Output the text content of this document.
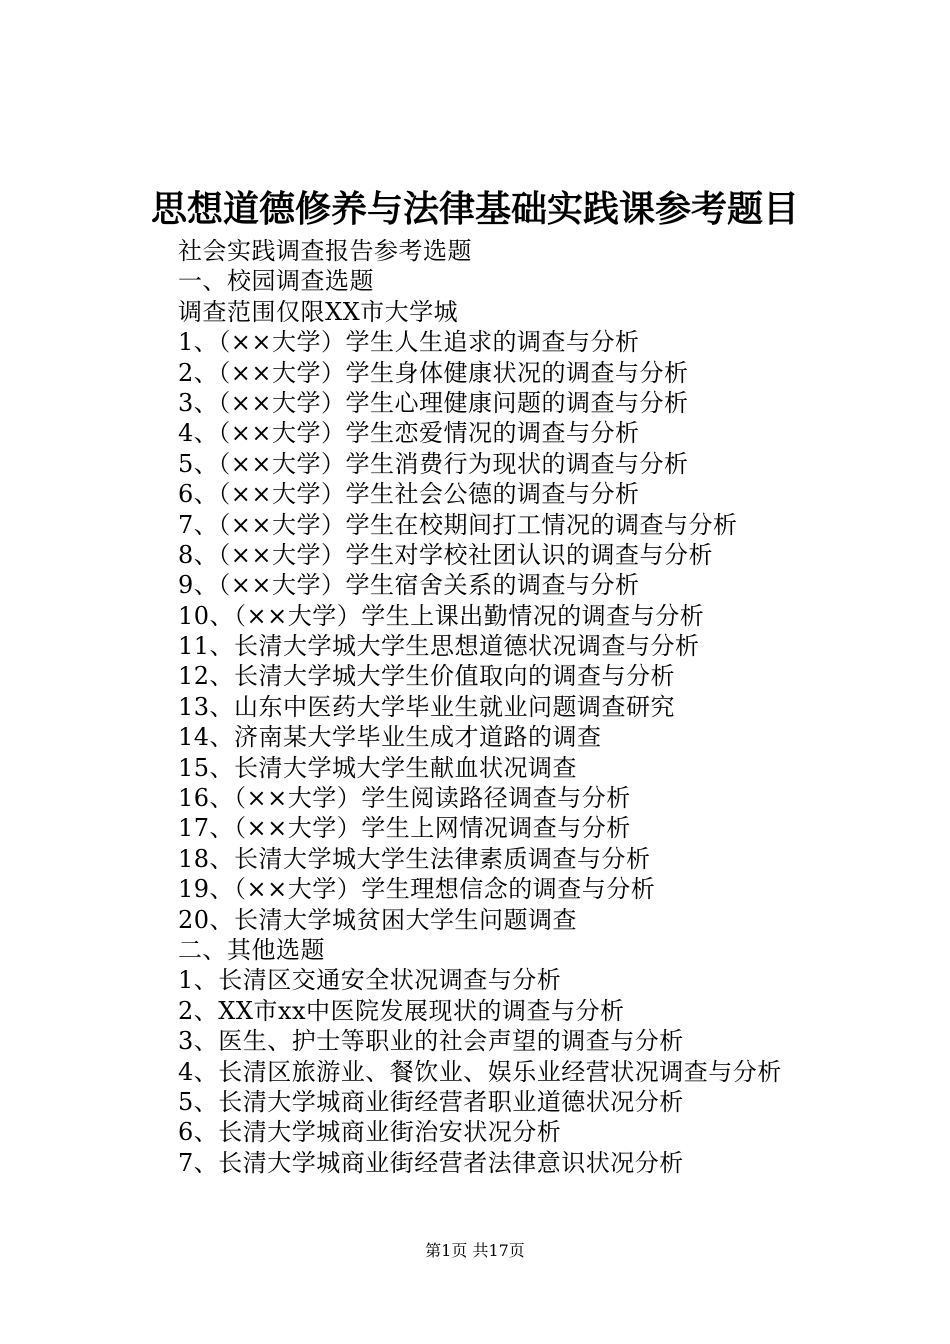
思想道德修养与法律基础实践课参考题目
社会实践调查报告参考选题
一、校园调查选题
调查范围仅限XX市大学城
1、（××大学）学生人生追求的调查与分析
2、（××大学）学生身体健康状况的调查与分析
3、（××大学）学生心理健康问题的调查与分析
4、（××大学）学生恋爱情况的调查与分析
5、（××大学）学生消费行为现状的调查与分析
6、（××大学）学生社会公德的调查与分析
7、（××大学）学生在校期间打工情况的调查与分析
8、（××大学）学生对学校社团认识的调查与分析
9、（××大学）学生宿舍关系的调查与分析
10、（××大学）学生上课出勤情况的调查与分析
11、长清大学城大学生思想道德状况调查与分析
12、长清大学城大学生价值取向的调查与分析
13、山东中医药大学毕业生就业问题调查研究
14、济南某大学毕业生成才道路的调查
15、长清大学城大学生献血状况调查
16、（××大学）学生阅读路径调查与分析
17、（××大学）学生上网情况调查与分析
18、长清大学城大学生法律素质调查与分析
19、（××大学）学生理想信念的调查与分析
20、长清大学城贫困大学生问题调查
二、其他选题
1、长清区交通安全状况调查与分析
2、XX市xx中医院发展现状的调查与分析
3、医生、护士等职业的社会声望的调查与分析
4、长清区旅游业、餐饮业、娱乐业经营状况调查与分析
5、长清大学城商业街经营者职业道德状况分析
6、长清大学城商业街治安状况分析
7、长清大学城商业街经营者法律意识状况分析
第1页 共17页
